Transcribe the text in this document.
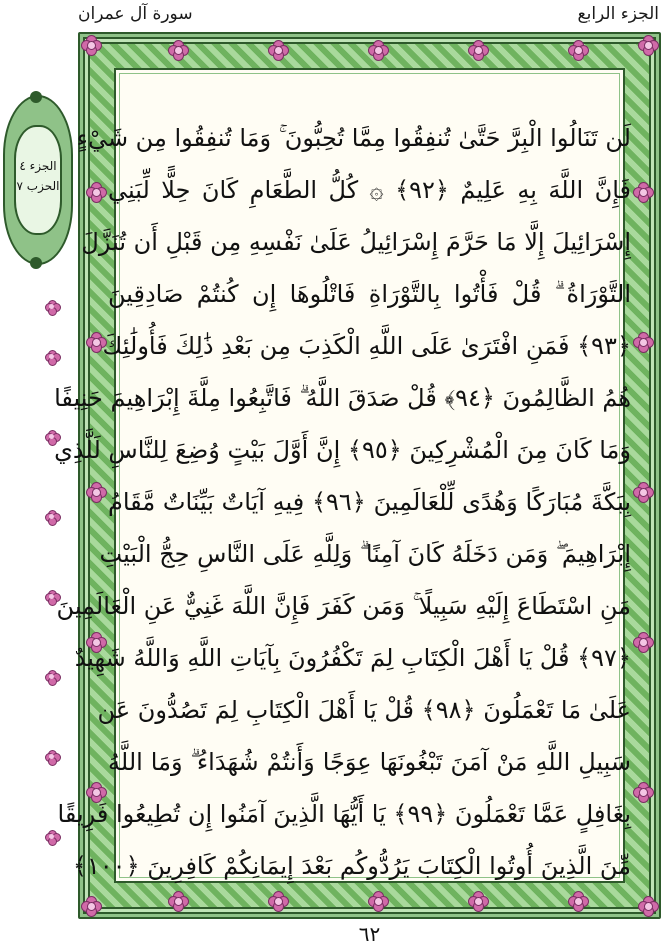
الجزء الرابع
سورة آل عمران
الجزء ٤
الحزب ٧
لَن تَنَالُوا الْبِرَّ حَتَّىٰ تُنفِقُوا مِمَّا تُحِبُّونَ ۚ وَمَا تُنفِقُوا مِن شَيْءٍ
فَإِنَّ اللَّهَ بِهِ عَلِيمٌ ﴿٩٢﴾ ۞ كُلُّ الطَّعَامِ كَانَ حِلًّا لِّبَنِي
إِسْرَائِيلَ إِلَّا مَا حَرَّمَ إِسْرَائِيلُ عَلَىٰ نَفْسِهِ مِن قَبْلِ أَن تُنَزَّلَ
التَّوْرَاةُ ۗ قُلْ فَأْتُوا بِالتَّوْرَاةِ فَاتْلُوهَا إِن كُنتُمْ صَادِقِينَ
﴿٩٣﴾ فَمَنِ افْتَرَىٰ عَلَى اللَّهِ الْكَذِبَ مِن بَعْدِ ذَٰلِكَ فَأُولَٰئِكَ
هُمُ الظَّالِمُونَ ﴿٩٤﴾ قُلْ صَدَقَ اللَّهُ ۗ فَاتَّبِعُوا مِلَّةَ إِبْرَاهِيمَ حَنِيفًا
وَمَا كَانَ مِنَ الْمُشْرِكِينَ ﴿٩٥﴾ إِنَّ أَوَّلَ بَيْتٍ وُضِعَ لِلنَّاسِ لَلَّذِي
بِبَكَّةَ مُبَارَكًا وَهُدًى لِّلْعَالَمِينَ ﴿٩٦﴾ فِيهِ آيَاتٌ بَيِّنَاتٌ مَّقَامُ
إِبْرَاهِيمَ ۖ وَمَن دَخَلَهُ كَانَ آمِنًا ۗ وَلِلَّهِ عَلَى النَّاسِ حِجُّ الْبَيْتِ
مَنِ اسْتَطَاعَ إِلَيْهِ سَبِيلًا ۚ وَمَن كَفَرَ فَإِنَّ اللَّهَ غَنِيٌّ عَنِ الْعَالَمِينَ
﴿٩٧﴾ قُلْ يَا أَهْلَ الْكِتَابِ لِمَ تَكْفُرُونَ بِآيَاتِ اللَّهِ وَاللَّهُ شَهِيدٌ
عَلَىٰ مَا تَعْمَلُونَ ﴿٩٨﴾ قُلْ يَا أَهْلَ الْكِتَابِ لِمَ تَصُدُّونَ عَن
سَبِيلِ اللَّهِ مَنْ آمَنَ تَبْغُونَهَا عِوَجًا وَأَنتُمْ شُهَدَاءُ ۗ وَمَا اللَّهُ
بِغَافِلٍ عَمَّا تَعْمَلُونَ ﴿٩٩﴾ يَا أَيُّهَا الَّذِينَ آمَنُوا إِن تُطِيعُوا فَرِيقًا
مِّنَ الَّذِينَ أُوتُوا الْكِتَابَ يَرُدُّوكُم بَعْدَ إِيمَانِكُمْ كَافِرِينَ ﴿١٠٠﴾
٦٢
